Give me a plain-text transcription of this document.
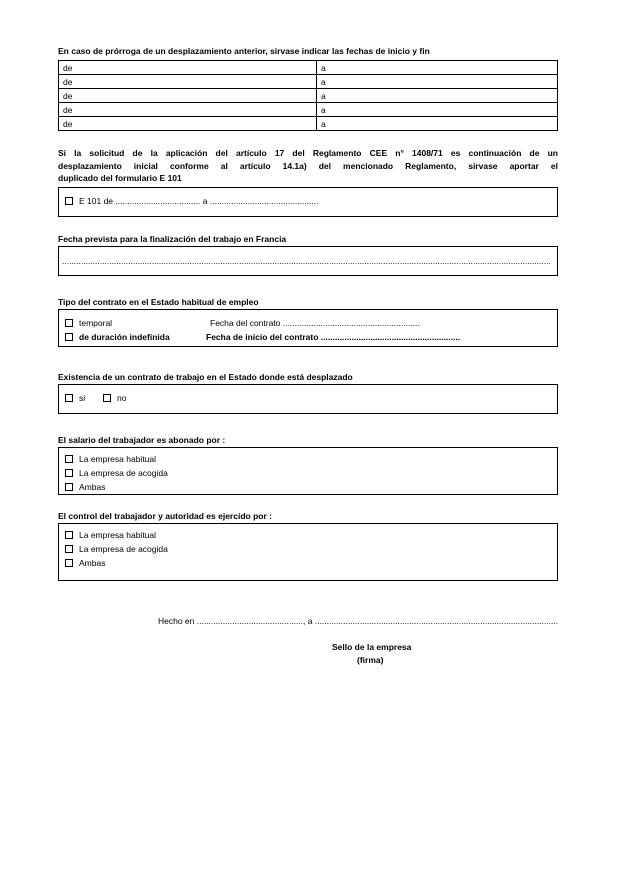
En caso de prórroga de un desplazamiento anterior, sirvase indicar las fechas de inicio y fin
de	a
de	a
de	a
de	a
de	a
Si la solicitud de la aplicación del artículo 17 del Reglamento CEE n° 1408/71 es continuación de un
desplazamiento inicial conforme al artículo 14.1a) del mencionado Reglamento, sirvase aportar el
duplicado del formulario E 101
E 101 de .................................... a ..............................................
Fecha prevista para la finalización del trabajo en Francia
...............................................................................................................................................................................................................
Tipo del contrato en el Estado habitual de empleo
temporal	Fecha del contrato ..........................................................
de duración indefinida	Fecha de inicio del contrato ...........................................................
Existencia de un contrato de trabajo en el Estado donde está desplazado
si	no
El salario del trabajador es abonado por :
La empresa habitual
La empresa de acogida
Ambas
El control del trabajador y autoridad es ejercido por :
La empresa habitual
La empresa de acogida
Ambas
Hecho en ............................................., a .......................................................................................................
Sello de la empresa
(firma)
